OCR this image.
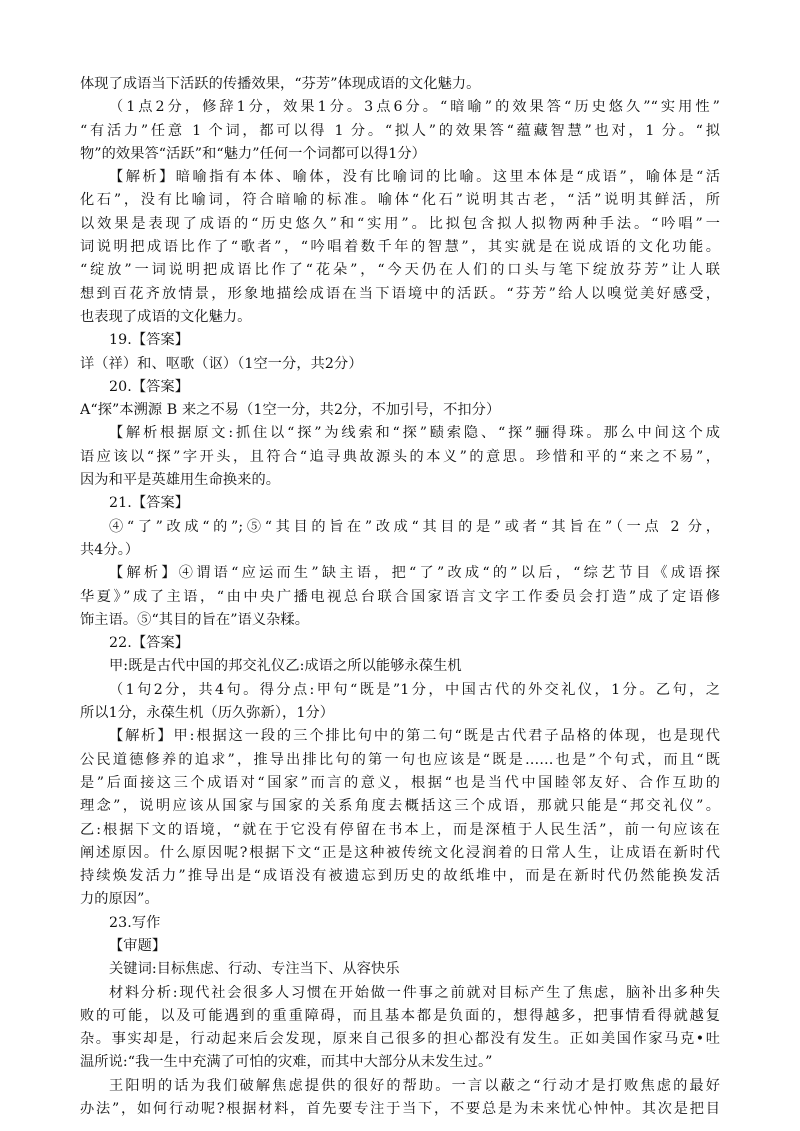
体现了成语当下活跃的传播效果，“芬芳”体现成语的文化魅力。
（1点2分，修辞1分，效果1分。3点6分。“暗喻”的效果答“历史悠久”“实用性”
“有活力”任意 1 个词，都可以得 1 分。“拟人”的效果答“蕴藏智慧”也对，1 分。“拟
物”的效果答“活跃”和“魅力”任何一个词都可以得1分）
【解析】暗喻指有本体、喻体，没有比喻词的比喻。这里本体是“成语”，喻体是“活
化石”，没有比喻词，符合暗喻的标准。喻体“化石”说明其古老，“活”说明其鲜活，所
以效果是表现了成语的“历史悠久”和“实用”。比拟包含拟人拟物两种手法。“吟唱”一
词说明把成语比作了“歌者”，“吟唱着数千年的智慧”，其实就是在说成语的文化功能。
“绽放”一词说明把成语比作了“花朵”，“今天仍在人们的口头与笔下绽放芬芳”让人联
想到百花齐放情景，形象地描绘成语在当下语境中的活跃。“芬芳”给人以嗅觉美好感受，
也表现了成语的文化魅力。
19.【答案】
详（祥）和、呕歌（讴）（1空一分，共2分）
20.【答案】
A“探”本溯源 B 来之不易（1空一分，共2分，不加引号，不扣分）
【解析根据原文:抓住以“探”为线索和“探”赜索隐、“探”骊得珠。那么中间这个成
语应该以“探”字开头，且符合“追寻典故源头的本义”的意思。珍惜和平的“来之不易”，
因为和平是英雄用生命换来的。
21.【答案】
④“了”改成“的”;⑤“其目的旨在”改成“其目的是”或者“其旨在”（一点 2 分，
共4分。）
【解析】④谓语“应运而生”缺主语，把“了”改成“的”以后，“综艺节目《成语探
华夏》”成了主语，“由中央广播电视总台联合国家语言文字工作委员会打造”成了定语修
饰主语。⑤“其目的旨在”语义杂糅。
22.【答案】
甲:既是古代中国的邦交礼仪乙:成语之所以能够永葆生机
（1句2分，共4句。得分点:甲句“既是”1分，中国古代的外交礼仪，1分。乙句，之
所以1分，永葆生机（历久弥新），1分）
【解析】甲:根据这一段的三个排比句中的第二句“既是古代君子品格的体现，也是现代
公民道德修养的追求”，推导出排比句的第一句也应该是“既是……也是”个句式，而且“既
是”后面接这三个成语对“国家”而言的意义，根据“也是当代中国睦邻友好、合作互助的
理念”，说明应该从国家与国家的关系角度去概括这三个成语，那就只能是“邦交礼仪”。
乙:根据下文的语境，“就在于它没有停留在书本上，而是深植于人民生活”，前一句应该在
阐述原因。什么原因呢?根据下文“正是这种被传统文化浸润着的日常人生，让成语在新时代
持续焕发活力”推导出是“成语没有被遗忘到历史的故纸堆中，而是在新时代仍然能换发活
力的原因”。
23.写作
【审题】
关键词:目标焦虑、行动、专注当下、从容快乐
材料分析:现代社会很多人习惯在开始做一件事之前就对目标产生了焦虑，脑补出多种失
败的可能，以及可能遇到的重重障碍，而且基本都是负面的，想得越多，把事情看得就越复
杂。事实却是，行动起来后会发现，原来自己很多的担心都没有发生。正如美国作家马克•吐
温所说:“我一生中充满了可怕的灾难，而其中大部分从未发生过。”
王阳明的话为我们破解焦虑提供的很好的帮助。一言以蔽之“行动才是打败焦虑的最好
办法”，如何行动呢?根据材料，首先要专注于当下，不要总是为未来忧心忡忡。其次是把目
